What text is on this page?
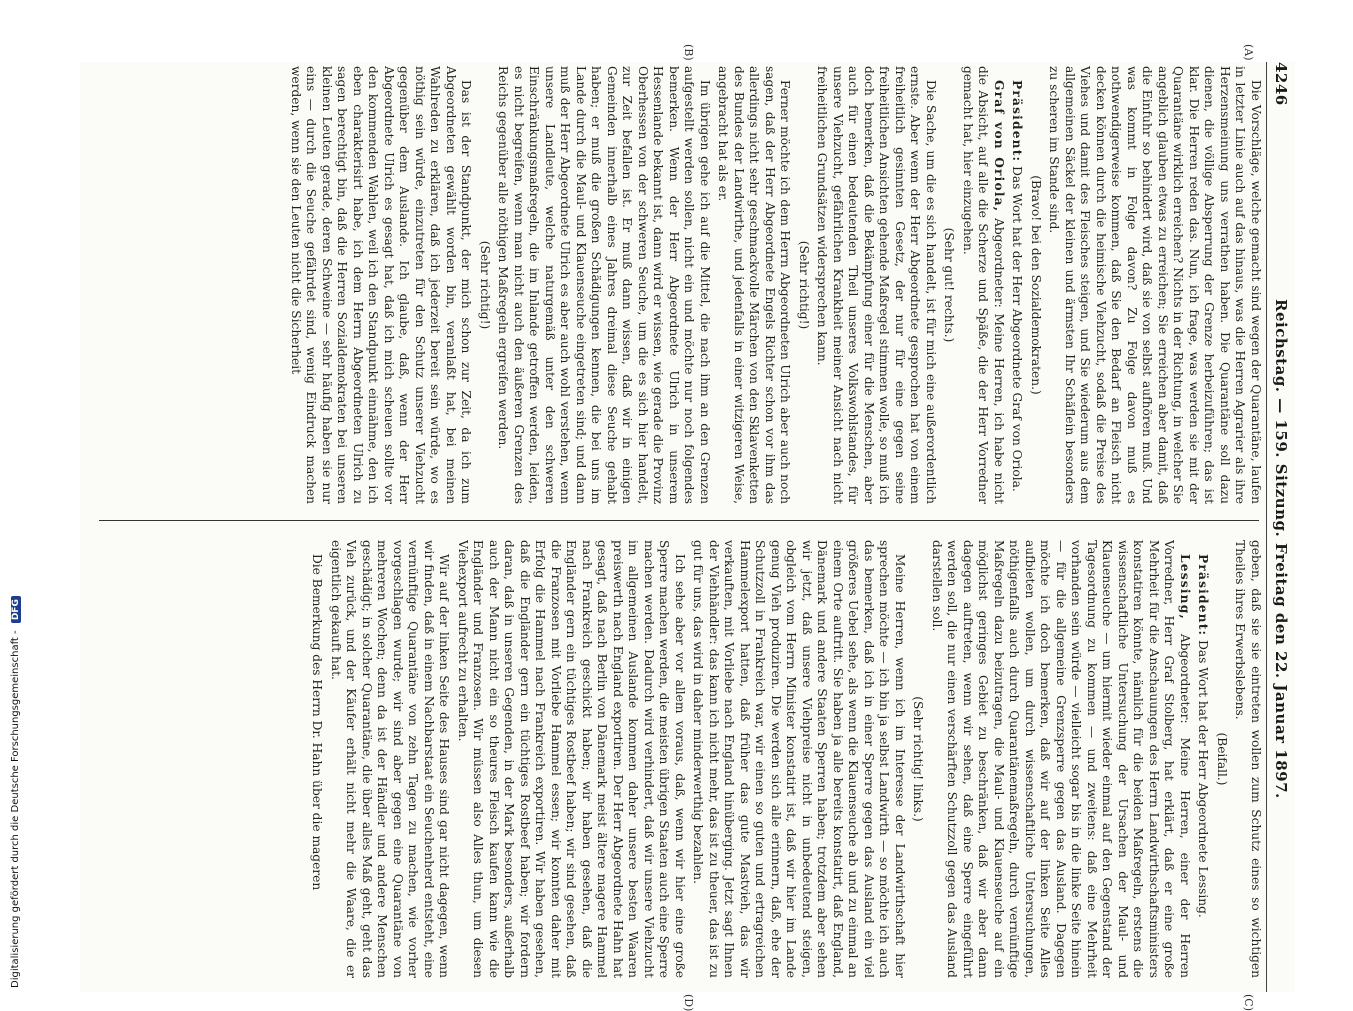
4246
Reichstag. — 159. Sitzung. Freitag den 22. Januar 1897.

Die Vorschläge, welche gemacht sind wegen der Quarantäne, laufen in letzter Linie auch auf das hinaus, was die Herren Agrarier als ihre Herzensmeinung uns verrathen haben. Die Quarantäne soll dazu dienen, die völlige Absperrung der Grenze herbeizuführen; das ist klar. Die Herren reden das. Nun, ich frage, was werden sie mit der Quarantäne wirklich erreichen? Nichts in der Richtung, in welcher Sie angeblich glauben etwas zu erreichen; Sie erreichen aber damit, daß die Einfuhr so behindert wird, daß sie von selbst aufhören muß. Und was kommt in Folge davon? Zu Folge davon muß es nothwendigerweise kommen, daß Sie den Bedarf an Fleisch nicht decken können durch die heimische Viehzucht, sodaß die Preise des Viehes und damit des Fleisches steigen, und Sie wiederum aus dem allgemeinen Säckel der kleinen und ärmsten Ihr Schäflein besonders zu scheren im Stande sind.

(Bravo! bei den Sozialdemokraten.)

Präsident: Das Wort hat der Herr Abgeordnete Graf von Oriola.

Graf von Oriola, Abgeordneter: Meine Herren, ich habe nicht die Absicht, auf alle die Scherze und Späße, die der Herr Vorredner gemacht hat, hier einzugehen.

(Sehr gut! rechts.)

Die Sache, um die es sich handelt, ist für mich eine außerordentlich ernste. Aber wenn der Herr Abgeordnete gesprochen hat von einem freiheitlich gesinnten Gesetz, der nur für eine gegen seine freiheitlichen Ansichten gehende Maßregel stimmen wolle, so muß ich doch bemerken, daß die Bekämpfung einer für die Menschen, aber auch für einen bedeutenden Theil unseres Volkswohlstandes, für unsere Viehzucht, gefährlichen Krankheit meiner Ansicht nach nicht freiheitlichen Grundsätzen widersprechen kann.

(Sehr richtig!)

Ferner möchte ich dem Herrn Abgeordneten Ulrich aber auch noch sagen, daß der Herr Abgeordnete Engels Richter schon vor ihm das allerdings nicht sehr geschmackvolle Märchen von den Sklavenketten des Bundes der Landwirthe, und jedenfalls in einer witzigeren Weise, angebracht hat als er.

Im übrigen gehe ich auf die Mittel, die nach ihm an den Grenzen aufgestellt werden sollen, nicht ein und möchte nur noch folgendes bemerken. Wenn der Herr Abgeordnete Ulrich in unserem Hessenlande bekannt ist, dann wird er wissen, wie gerade die Provinz Oberhessen von der schweren Seuche, um die es sich hier handelt, zur Zeit befallen ist. Er muß dann wissen, daß wir in einigen Gemeinden innerhalb eines Jahres dreimal diese Seuche gehabt haben; er muß die großen Schädigungen kennen, die bei uns im Lande durch die Maul- und Klauenseuche eingetreten sind; und dann muß der Herr Abgeordnete Ulrich es aber auch wohl verstehen, wenn unsere Landleute, welche naturgemäß unter den schweren Einschränkungsmaßregeln, die im Inlande getroffen werden, leiden, es nicht begreifen, wenn man nicht auch den äußeren Grenzen des Reichs gegenüber alle nöthigen Maßregeln ergreifen werden.

(Sehr richtig!)

Das ist der Standpunkt, der mich schon zur Zeit, da ich zum Abgeordneten gewählt worden bin, veranlaßt hat, bei meinen Wahlreden zu erklären, daß ich jederzeit bereit sein würde, wo es nöthig sein würde, einzutreten für den Schutz unserer Viehzucht gegenüber dem Auslande. Ich glaube, daß, wenn der Herr Abgeordnete Ulrich es gesagt hat, daß ich mich scheuen sollte vor den kommenden Wahlen, weil ich den Standpunkt einnähme, den ich eben charakterisirt habe, ich dem Herrn Abgeordneten Ulrich zu sagen berechtigt bin, daß die Herren Sozialdemokraten bei unseren kleinen Leuten gerade, deren Schweine — sehr häufig haben sie nur eins — durch die Seuche gefährdet sind, wenig Eindruck machen werden, wenn sie den Leuten nicht die Sicherheit

geben, daß sie sie eintreten wollen zum Schutz eines so wichtigen Theiles ihres Erwerbslebens.

(Beifall.)

Präsident: Das Wort hat der Herr Abgeordnete Lessing.

Lessing, Abgeordneter: Meine Herren, einer der Herren Vorredner, Herr Graf Stolberg, hat erklärt, daß er eine große Mehrheit für die Anschauungen des Herrn Landwirthschaftsministers konstatiren könnte, nämlich für die beiden Maßregeln, erstens die wissenschaftliche Untersuchung der Ursachen der Maul- und Klauenseuche — um hiermit wieder einmal auf den Gegenstand der Tagesordnung zu kommen — und zweitens: daß eine Mehrheit vorhanden sein würde — vielleicht sogar bis in die linke Seite hinein — für die allgemeine Grenzsperre gegen das Ausland. Dagegen möchte ich doch bemerken, daß wir auf der linken Seite Alles aufbieten wollen, um durch wissenschaftliche Untersuchungen, nöthigenfalls auch durch Quarantänemaßregeln, durch vernünftige Maßregeln dazu beizutragen, die Maul- und Klauenseuche auf ein möglichst geringes Gebiet zu beschränken, daß wir aber dann dagegen auftreten, wenn wir sehen, daß eine Sperre eingeführt werden soll, die nur einen verschärften Schutzzoll gegen das Ausland darstellen soll.

(Sehr richtig! links.)

Meine Herren, wenn ich im Interesse der Landwirthschaft hier sprechen möchte — ich bin ja selbst Landwirth — so möchte ich auch das bemerken, daß ich in einer Sperre gegen das Ausland ein viel größeres Uebel sehe, als wenn die Klauenseuche ab und zu einmal an einem Orte auftritt. Sie haben ja alle bereits konstatirt, daß England, Dänemark und andere Staaten Sperren haben; trotzdem aber sehen wir jetzt, daß unsere Viehpreise nicht in unbedeutend steigen, obgleich vom Herrn Minister konstatirt ist, daß wir hier im Lande genug Vieh produziren. Die werden sich alle erinnern, daß, ehe der Schutzzoll in Frankreich war, wir einen so guten und ertragreichen Hammelexport hatten, daß früher das gute Mastvieh, das wir verkauften, mit Vorliebe nach England hinüberging. Jetzt sagt Ihnen der Viehhändler: das kann ich nicht mehr, das ist zu theuer, das ist zu gut für uns, das wird in daher minderwerthig bezahlen.

Ich sehe aber vor allem voraus, daß, wenn wir hier eine große Sperre machen werden, die meisten übrigen Staaten auch eine Sperre machen werden. Dadurch wird verhindert, daß wir unsere Viehzucht im allgemeinen Auslande kommen daher unsere besten Waaren preiswerth nach England exportiren. Der Herr Abgeordnete Hahn hat gesagt, daß nach Berlin von Dänemark meist ältere magere Hammel nach Frankreich geschickt haben; wir haben gesehen, daß die Engländer gern ein tüchtiges Rostbeef haben; wir sind gesehen, daß die Franzosen mit Vorliebe Hammel essen; wir konnten daher mit Erfolg die Hammel nach Frankreich exportiren. Wir haben gesehen, daß die Engländer gern ein tüchtiges Rostbeef haben; wir fordern daran, daß in unseren Gegenden, in der Mark besonders, außerhalb auch der Mann nicht ein so theures Fleisch kaufen kann wie die Engländer und Franzosen. Wir müssen also Alles thun, um diesen Viehexport aufrecht zu erhalten.

Wir auf der linken Seite des Hauses sind gar nicht dagegen, wenn wir finden, daß in einem Nachbarstaat ein Seuchenherd entsteht, eine vernünftige Quarantäne von zehn Tagen zu machen, wie vorher vorgeschlagen wurde; wir sind aber gegen eine Quarantäne von mehreren Wochen; denn da ist der Händler und andere Menschen geschädigt; in solcher Quarantäne, die über alles Maß geht, geht das Vieh zurück, und der Käufer erhält nicht mehr die Waare, die er eigentlich gekauft hat.

Die Bemerkung des Herrn Dr. Hahn über die mageren

(A)
(B)
(C)
(D)
Digitalisierung gefördert durch die Deutsche Forschungsgemeinschaft - DFG
